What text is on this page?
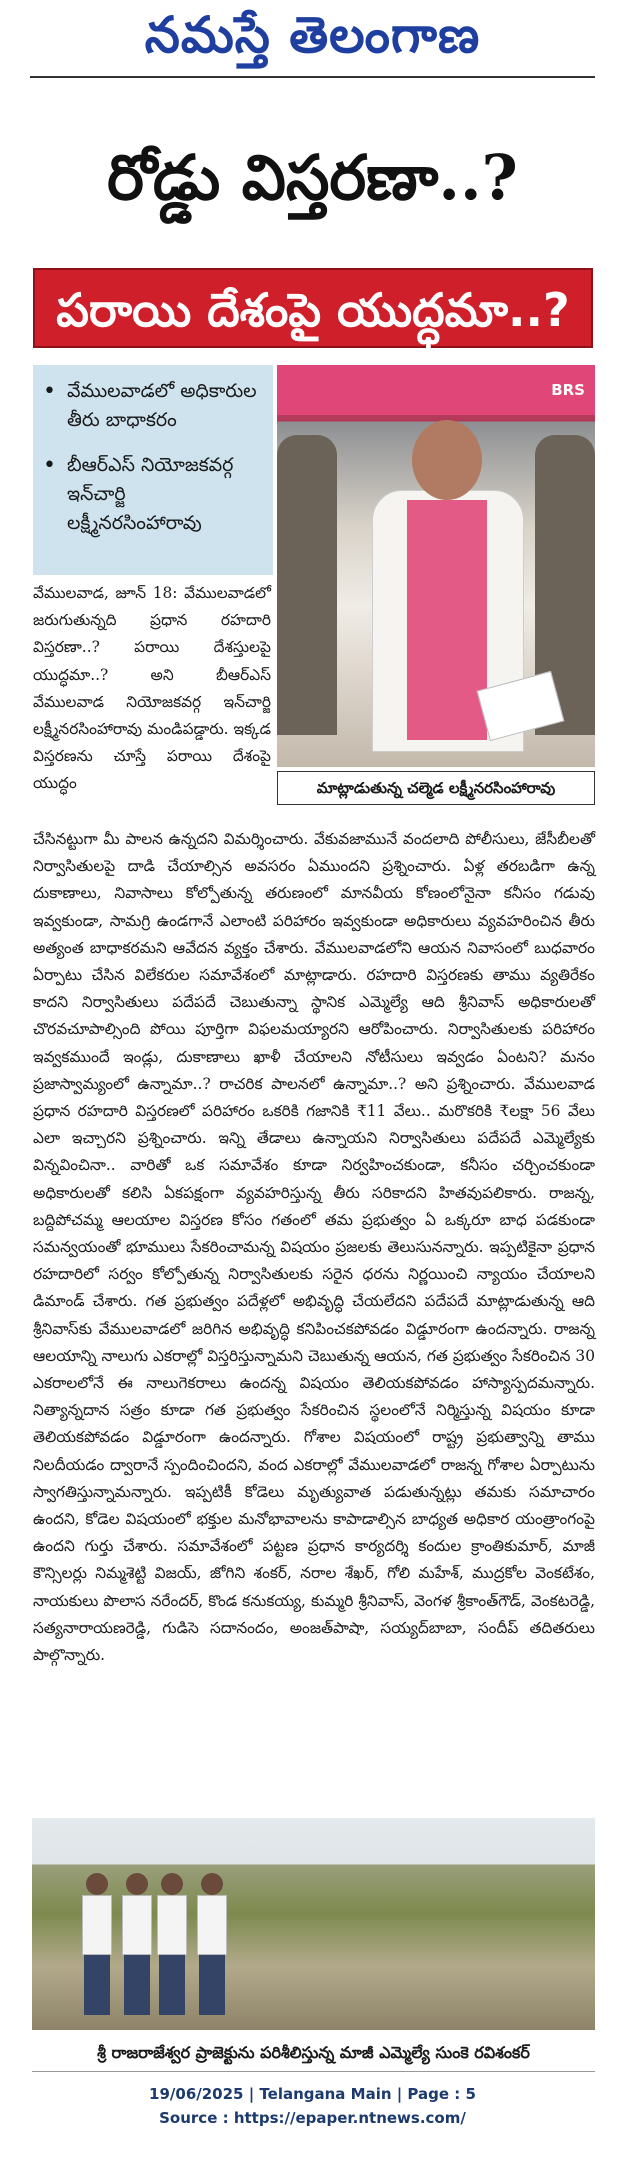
నమస్తే తెలంగాణ
రోడ్డు విస్తరణా..?
పరాయి దేశంపై యుద్ధమా..?
• వేములవాడలో అధికారుల తీరు బాధాకరం
• బీఆర్ఎస్ నియోజకవర్గ ఇన్‌చార్జి లక్ష్మీనరసింహారావు
BRS
మాట్లాడుతున్న చల్మెడ లక్ష్మీనరసింహారావు
వేములవాడ, జూన్ 18: వేములవాడలో జరుగుతున్నది ప్రధాన రహదారి విస్తరణా..? పరాయి దేశస్తులపై యుద్ధమా..? అని బీఆర్ఎస్ వేములవాడ నియోజకవర్గ ఇన్‌చార్జి లక్ష్మీనరసింహారావు మండిపడ్డారు. ఇక్కడ విస్తరణను చూస్తే పరాయి దేశంపై యుద్ధం
చేసినట్టుగా మీ పాలన ఉన్నదని విమర్శించారు. వేకువజామునే వందలాది పోలీసులు, జేసీబీలతో నిర్వాసితులపై దాడి చేయాల్సిన అవసరం ఏముందని ప్రశ్నించారు. ఏళ్ల తరబడిగా ఉన్న దుకాణాలు, నివాసాలు కోల్పోతున్న తరుణంలో మానవీయ కోణంలోనైనా కనీసం గడువు ఇవ్వకుండా, సామగ్రి ఉండగానే ఎలాంటి పరిహారం ఇవ్వకుండా అధికారులు వ్యవహరించిన తీరు అత్యంత బాధాకరమని ఆవేదన వ్యక్తం చేశారు. వేములవాడలోని ఆయన నివాసంలో బుధవారం ఏర్పాటు చేసిన విలేకరుల సమావేశంలో మాట్లాడారు. రహదారి విస్తరణకు తాము వ్యతిరేకం కాదని నిర్వాసితులు పదేపదే చెబుతున్నా స్థానిక ఎమ్మెల్యే ఆది శ్రీనివాస్ అధికారులతో చొరవచూపాల్సింది పోయి పూర్తిగా విఫలమయ్యారని ఆరోపించారు. నిర్వాసితులకు పరిహారం ఇవ్వకముందే ఇండ్లు, దుకాణాలు ఖాళీ చేయాలని నోటీసులు ఇవ్వడం ఏంటని? మనం ప్రజాస్వామ్యంలో ఉన్నామా..? రాచరిక పాలనలో ఉన్నామా..? అని ప్రశ్నించారు. వేములవాడ ప్రధాన రహదారి విస్తరణలో పరిహారం ఒకరికి గజానికి ₹11 వేలు.. మరొకరికి ₹లక్షా 56 వేలు ఎలా ఇచ్చారని ప్రశ్నించారు. ఇన్ని తేడాలు ఉన్నాయని నిర్వాసితులు పదేపదే ఎమ్మెల్యేకు విన్నవించినా.. వారితో ఒక సమావేశం కూడా నిర్వహించకుండా, కనీసం చర్చించకుండా అధికారులతో కలిసి ఏకపక్షంగా వ్యవహరిస్తున్న తీరు సరికాదని హితవుపలికారు. రాజన్న, బద్దిపోచమ్మ ఆలయాల విస్తరణ కోసం గతంలో తమ ప్రభుత్వం ఏ ఒక్కరూ బాధ పడకుండా సమన్వయంతో భూములు సేకరించామన్న విషయం ప్రజలకు తెలుసునన్నారు. ఇప్పటికైనా ప్రధాన రహదారిలో సర్వం కోల్పోతున్న నిర్వాసితులకు సరైన ధరను నిర్ణయించి న్యాయం చేయాలని డిమాండ్ చేశారు. గత ప్రభుత్వం పదేళ్లలో అభివృద్ధి చేయలేదని పదేపదే మాట్లాడుతున్న ఆది శ్రీనివాస్‌కు వేములవాడలో జరిగిన అభివృద్ధి కనిపించకపోవడం విడ్డూరంగా ఉందన్నారు. రాజన్న ఆలయాన్ని నాలుగు ఎకరాల్లో విస్తరిస్తున్నామని చెబుతున్న ఆయన, గత ప్రభుత్వం సేకరించిన 30 ఎకరాలలోనే ఈ నాలుగెకరాలు ఉందన్న విషయం తెలియకపోవడం హాస్యాస్పదమన్నారు. నిత్యాన్నదాన సత్రం కూడా గత ప్రభుత్వం సేకరించిన స్థలంలోనే నిర్మిస్తున్న విషయం కూడా తెలియకపోవడం విడ్డూరంగా ఉందన్నారు. గోశాల విషయంలో రాష్ట్ర ప్రభుత్వాన్ని తాము నిలదీయడం ద్వారానే స్పందించిందని, వంద ఎకరాల్లో వేములవాడలో రాజన్న గోశాల ఏర్పాటును స్వాగతిస్తున్నామన్నారు. ఇప్పటికీ కోడెలు మృత్యువాత పడుతున్నట్లు తమకు సమాచారం ఉందని, కోడెల విషయంలో భక్తుల మనోభావాలను కాపాడాల్సిన బాధ్యత అధికార యంత్రాంగంపై ఉందని గుర్తు చేశారు. సమావేశంలో పట్టణ ప్రధాన కార్యదర్శి కందుల క్రాంతికుమార్, మాజీ కౌన్సిలర్లు నిమ్మశెట్టి విజయ్, జోగిని శంకర్, నరాల శేఖర్, గోలి మహేశ్, ముద్రకోల వెంకటేశం, నాయకులు పొలాస నరేందర్, కొండ కనుకయ్య, కుమ్మరి శ్రీనివాస్, వెంగళ శ్రీకాంత్‌గౌడ్, వెంకటరెడ్డి, సత్యనారాయణరెడ్డి, గుడిసె సదానందం, అంజత్‌పాషా, సయ్యద్‌బాబా, సందీప్ తదితరులు పాల్గొన్నారు.
శ్రీ రాజరాజేశ్వర ప్రాజెక్టును పరిశీలిస్తున్న మాజీ ఎమ్మెల్యే సుంకె రవిశంకర్
19/06/2025 | Telangana Main | Page : 5
Source : https://epaper.ntnews.com/
